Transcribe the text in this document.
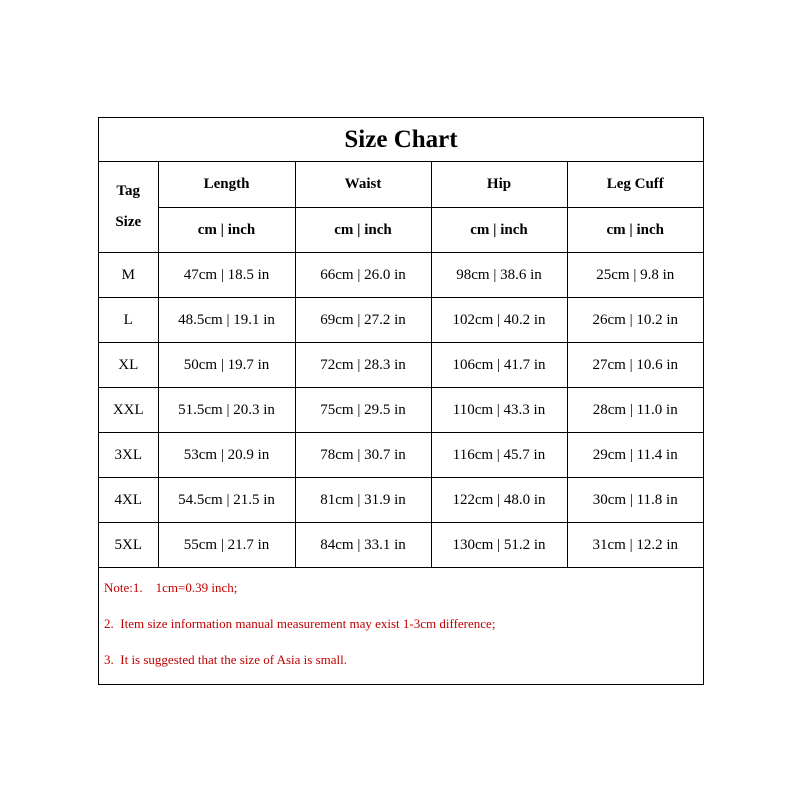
Size Chart
Tag
Size	Length	Waist	Hip	Leg Cuff
	cm | inch	cm | inch	cm | inch	cm | inch
M	47cm | 18.5 in	66cm | 26.0 in	98cm | 38.6 in	25cm | 9.8 in
L	48.5cm | 19.1 in	69cm | 27.2 in	102cm | 40.2 in	26cm | 10.2 in
XL	50cm | 19.7 in	72cm | 28.3 in	106cm | 41.7 in	27cm | 10.6 in
XXL	51.5cm | 20.3 in	75cm | 29.5 in	110cm | 43.3 in	28cm | 11.0 in
3XL	53cm | 20.9 in	78cm | 30.7 in	116cm | 45.7 in	29cm | 11.4 in
4XL	54.5cm | 21.5 in	81cm | 31.9 in	122cm | 48.0 in	30cm | 11.8 in
5XL	55cm | 21.7 in	84cm | 33.1 in	130cm | 51.2 in	31cm | 12.2 in
Note:1.    1cm=0.39 inch;
2.  Item size information manual measurement may exist 1-3cm difference;
3.  It is suggested that the size of Asia is small.
